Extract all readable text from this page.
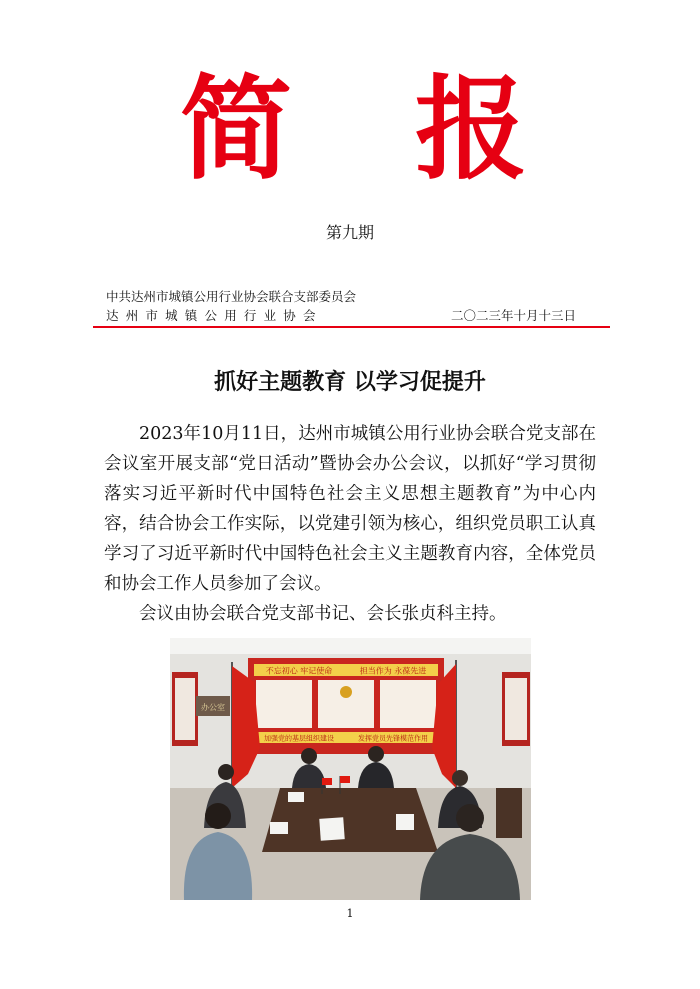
简 报
第九期
中共达州市城镇公用行业协会联合支部委员会
达州市城镇公用行业协会	二〇二三年十月十三日
抓好主题教育 以学习促提升

2023年10月11日，达州市城镇公用行业协会联合党支部在会议室开展支部“党日活动”暨协会办公会议，以抓好“学习贯彻落实习近平新时代中国特色社会主义思想主题教育”为中心内容，结合协会工作实际，以党建引领为核心，组织党员职工认真学习了习近平新时代中国特色社会主义主题教育内容，全体党员和协会工作人员参加了会议。

会议由协会联合党支部书记、会长张贞科主持。

办公室
不忘初心 牢记使命	担当作为 永葆先进
加强党的基层组织建设	发挥党员先锋模范作用
1
